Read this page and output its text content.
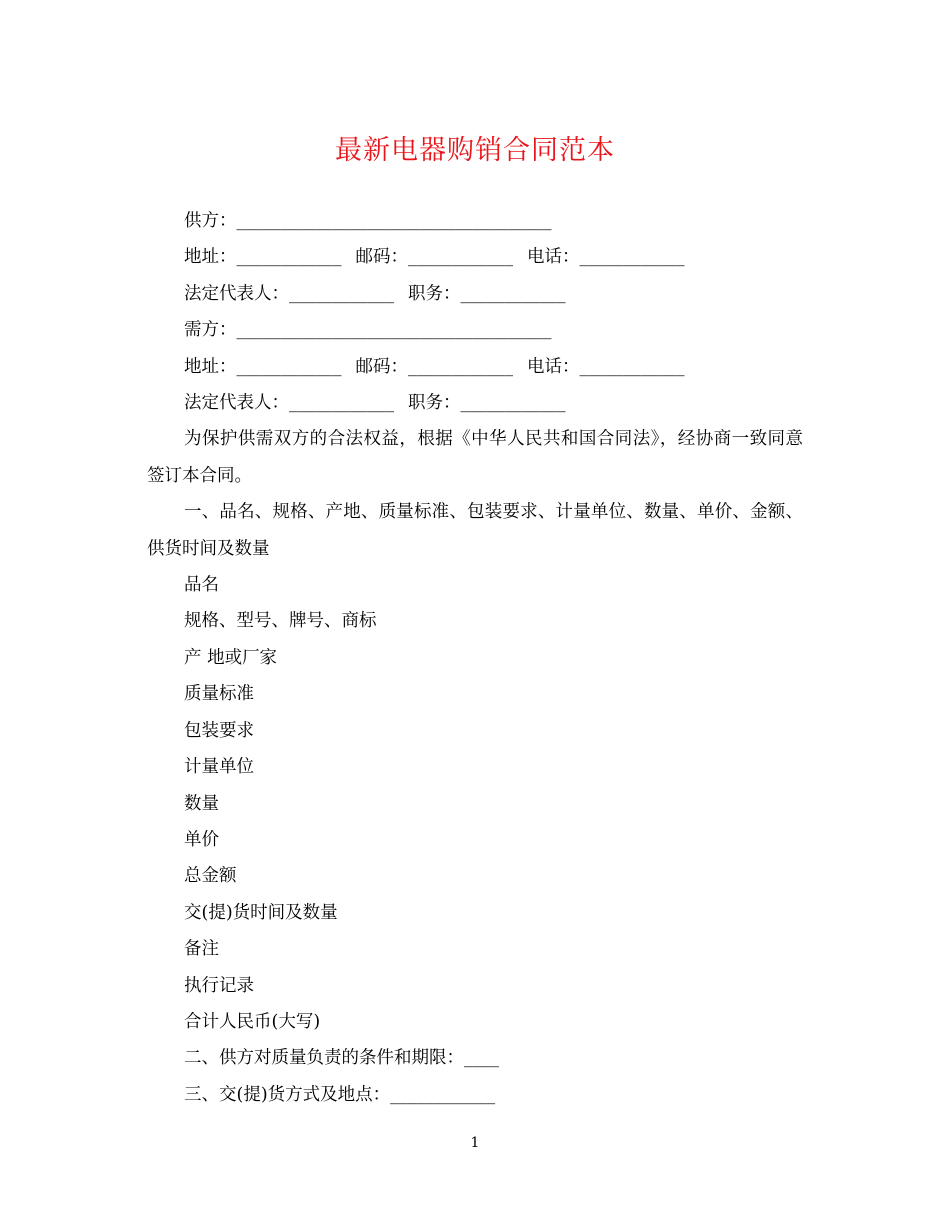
最新电器购销合同范本
供方：____________________________________
地址：____________ 邮码：____________ 电话：____________
法定代表人：____________ 职务：____________
需方：____________________________________
地址：____________ 邮码：____________ 电话：____________
法定代表人：____________ 职务：____________
为保护供需双方的合法权益，根据《中华人民共和国合同法》，经协商一致同意签订本合同。
一、品名、规格、产地、质量标准、包装要求、计量单位、数量、单价、金额、供货时间及数量
品名
规格、型号、牌号、商标
产 地或厂家
质量标准
包装要求
计量单位
数量
单价
总金额
交(提)货时间及数量
备注
执行记录
合计人民币(大写)
二、供方对质量负责的条件和期限：____
三、交(提)货方式及地点：____________
1
